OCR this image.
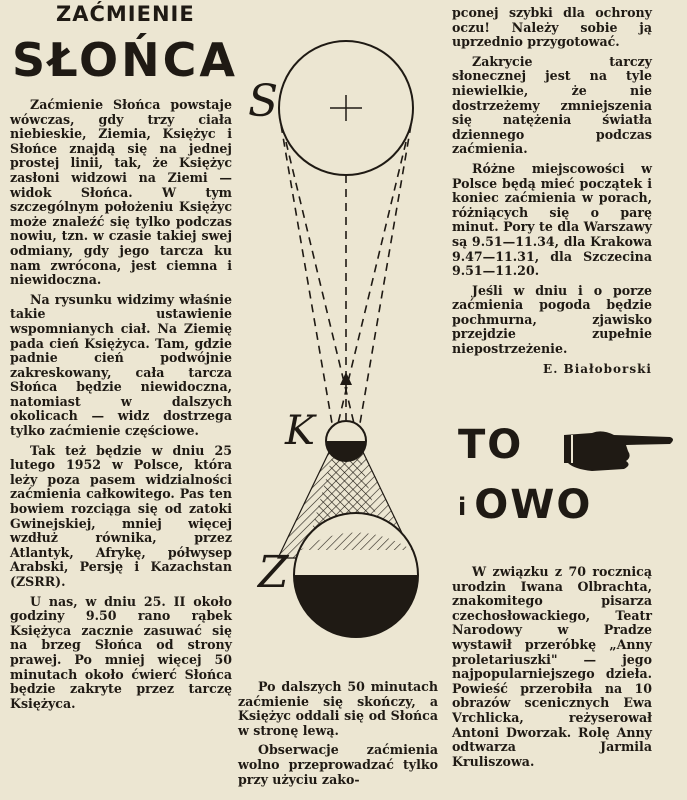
ZAĆMIENIE
SŁOŃCA

Zaćmienie Słońca powstaje wówczas, gdy trzy ciała niebieskie, Ziemia, Księżyc i Słońce znajdą się na jednej prostej linii, tak, że Księżyc zasłoni widzowi na Ziemi — widok Słońca. W tym szczególnym położeniu Księżyc może znaleźć się tylko podczas nowiu, tzn. w czasie takiej swej odmiany, gdy jego tarcza ku nam zwrócona, jest ciemna i niewidoczna.

Na rysunku widzimy właśnie takie ustawienie wspomnianych ciał. Na Ziemię pada cień Księżyca. Tam, gdzie padnie cień podwójnie zakreskowany, cała tarcza Słońca będzie niewidoczna, natomiast w dalszych okolicach — widz dostrzega tylko zaćmienie częściowe.

Tak też będzie w dniu 25 lutego 1952 w Polsce, która leży poza pasem widzialności zaćmienia całkowitego. Pas ten bowiem rozciąga się od zatoki Gwinejskiej, mniej więcej wzdłuż równika, przez Atlantyk, Afrykę, półwysep Arabski, Persję i Kazachstan (ZSRR).

U nas, w dniu 25. II około godziny 9.50 rano rąbek Księżyca zacznie zasuwać się na brzeg Słońca od strony prawej. Po mniej więcej 50 minutach około ćwierć Słońca będzie zakryte przez tarczę Księżyca.

S
K
Z

Po dalszych 50 minutach zaćmienie się skończy, a Księżyc oddali się od Słońca w stronę lewą.

Obserwacje zaćmienia wolno przeprowadzać tylko przy użyciu zako-

pconej szybki dla ochrony oczu! Należy sobie ją uprzednio przygotować.

Zakrycie tarczy słonecznej jest na tyle niewielkie, że nie dostrzeżemy zmniejszenia się natężenia światła dziennego podczas zaćmienia.

Różne miejscowości w Polsce będą mieć początek i koniec zaćmienia w porach, różniących się o parę minut. Pory te dla Warszawy są 9.51—11.34, dla Krakowa 9.47—11.31, dla Szczecina 9.51—11.20.

Jeśli w dniu i o porze zaćmienia pogoda będzie pochmurna, zjawisko przejdzie zupełnie niepostrzeżenie.

E. Białoborski
TO
i OWO

W związku z 70 rocznicą urodzin Iwana Olbrachta, znakomitego pisarza czechosłowackiego, Teatr Narodowy w Pradze wystawił przeróbkę „Anny proletariuszki" — jego najpopularniejszego dzieła. Powieść przerobiła na 10 obrazów scenicznych Ewa Vrchlicka, reżyserował Antoni Dworzak. Rolę Anny odtwarza Jarmila Kruliszowa.
